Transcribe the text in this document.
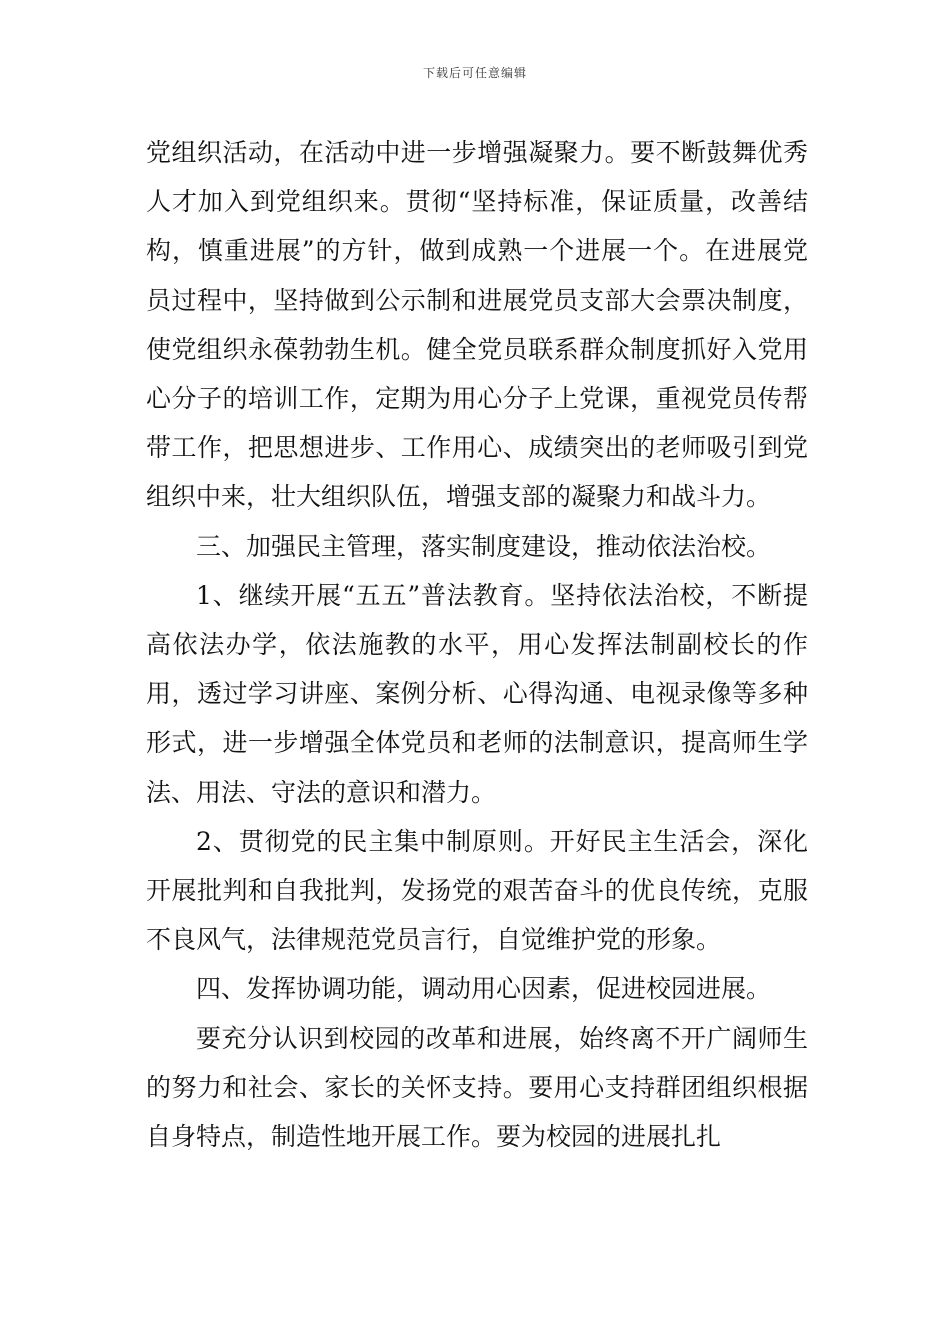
下载后可任意编辑

党组织活动，在活动中进一步增强凝聚力。要不断鼓舞优秀人才加入到党组织来。贯彻“坚持标准，保证质量，改善结构，慎重进展”的方针，做到成熟一个进展一个。在进展党员过程中，坚持做到公示制和进展党员支部大会票决制度，使党组织永葆勃勃生机。健全党员联系群众制度抓好入党用心分子的培训工作，定期为用心分子上党课，重视党员传帮带工作，把思想进步、工作用心、成绩突出的老师吸引到党组织中来，壮大组织队伍，增强支部的凝聚力和战斗力。

三、加强民主管理，落实制度建设，推动依法治校。

1、继续开展“五五”普法教育。坚持依法治校，不断提高依法办学，依法施教的水平，用心发挥法制副校长的作用，透过学习讲座、案例分析、心得沟通、电视录像等多种形式，进一步增强全体党员和老师的法制意识，提高师生学法、用法、守法的意识和潜力。

2、贯彻党的民主集中制原则。开好民主生活会，深化开展批判和自我批判，发扬党的艰苦奋斗的优良传统，克服不良风气，法律规范党员言行，自觉维护党的形象。

四、发挥协调功能，调动用心因素，促进校园进展。

要充分认识到校园的改革和进展，始终离不开广阔师生的努力和社会、家长的关怀支持。要用心支持群团组织根据自身特点，制造性地开展工作。要为校园的进展扎扎
